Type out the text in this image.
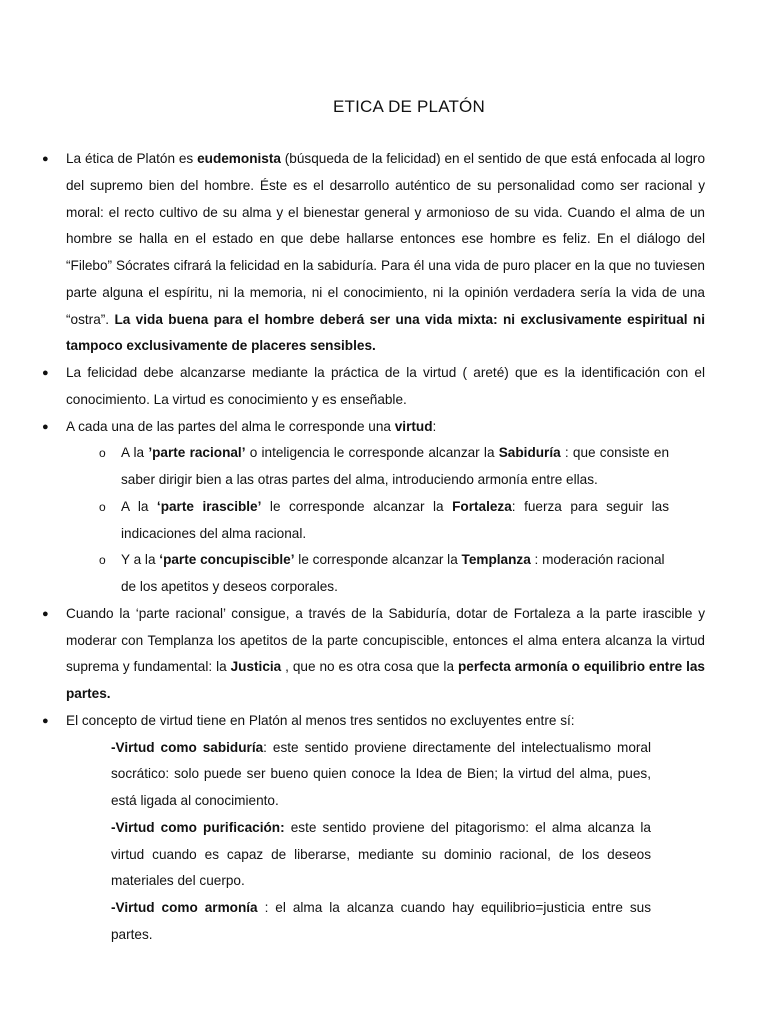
ETICA DE PLATÓN
● La ética de Platón es eudemonista (búsqueda de la felicidad) en el sentido de que está enfocada al logro del supremo bien del hombre. Éste es el desarrollo auténtico de su personalidad como ser racional y moral: el recto cultivo de su alma y el bienestar general y armonioso de su vida. Cuando el alma de un hombre se halla en el estado en que debe hallarse entonces ese hombre es feliz. En el diálogo del “Filebo” Sócrates cifrará la felicidad en la sabiduría. Para él una vida de puro placer en la que no tuviesen parte alguna el espíritu, ni la memoria, ni el conocimiento, ni la opinión verdadera sería la vida de una “ostra”. La vida buena para el hombre deberá ser una vida mixta: ni exclusivamente espiritual ni tampoco exclusivamente de placeres sensibles.
● La felicidad debe alcanzarse mediante la práctica de la virtud ( areté) que es la identificación con el conocimiento. La virtud es conocimiento y es enseñable.
● A cada una de las partes del alma le corresponde una virtud:
o A la ’parte racional’ o inteligencia le corresponde alcanzar la Sabiduría : que consiste en saber dirigir bien a las otras partes del alma, introduciendo armonía entre ellas.
o A la ‘parte irascible’ le corresponde alcanzar la Fortaleza: fuerza para seguir las indicaciones del alma racional.
o Y a la ‘parte concupiscible’ le corresponde alcanzar la Templanza : moderación racional de los apetitos y deseos corporales.
● Cuando la ‘parte racional’ consigue, a través de la Sabiduría, dotar de Fortaleza a la parte irascible y moderar con Templanza los apetitos de la parte concupiscible, entonces el alma entera alcanza la virtud suprema y fundamental: la Justicia , que no es otra cosa que la perfecta armonía o equilibrio entre las partes.
● El concepto de virtud tiene en Platón al menos tres sentidos no excluyentes entre sí:
-Virtud como sabiduría: este sentido proviene directamente del intelectualismo moral socrático: solo puede ser bueno quien conoce la Idea de Bien; la virtud del alma, pues, está ligada al conocimiento.
-Virtud como purificación: este sentido proviene del pitagorismo: el alma alcanza la virtud cuando es capaz de liberarse, mediante su dominio racional, de los deseos materiales del cuerpo.
-Virtud como armonía : el alma la alcanza cuando hay equilibrio=justicia entre sus partes.
